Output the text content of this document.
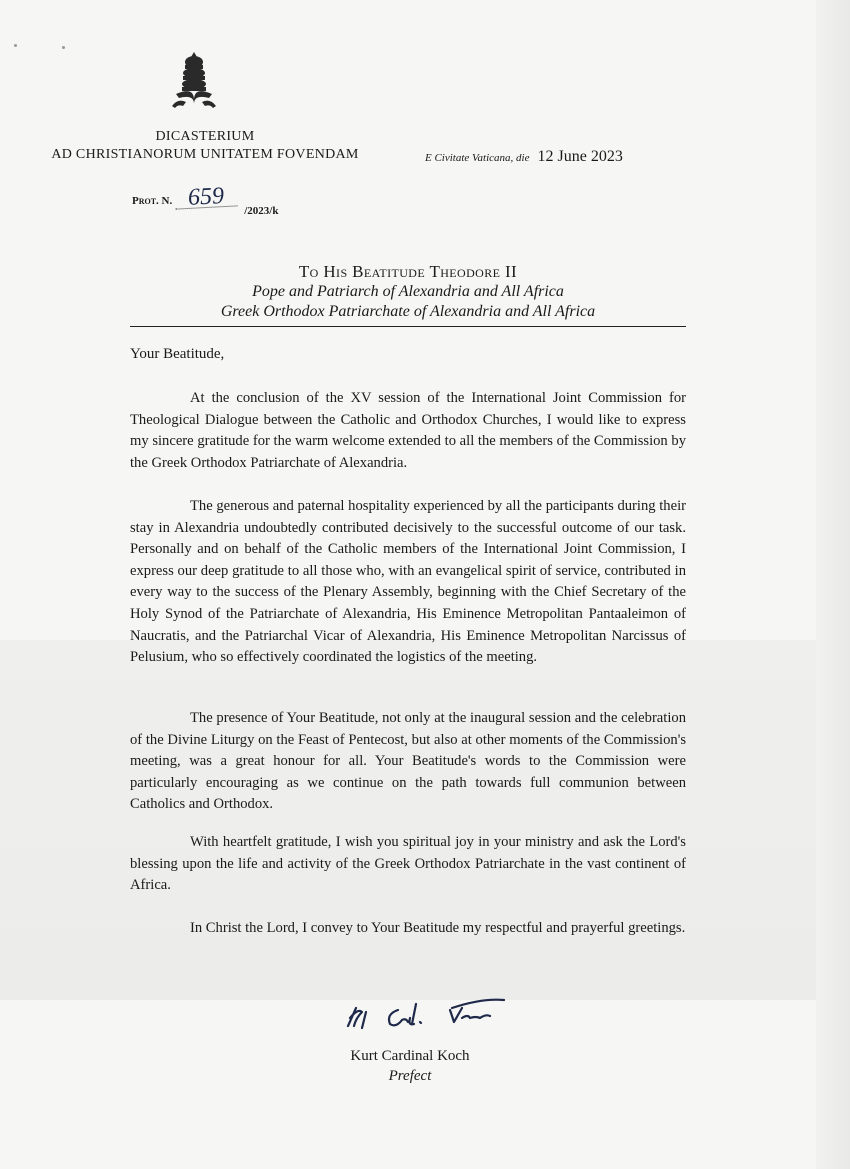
DICASTERIUM
AD CHRISTIANORUM UNITATEM FOVENDAM	E Civitate Vaticana, die 12 June 2023
Prot. N. 659 /2023/k
To His Beatitude Theodore II
Pope and Patriarch of Alexandria and All Africa
Greek Orthodox Patriarchate of Alexandria and All Africa
Your Beatitude,

At the conclusion of the XV session of the International Joint Commission for Theological Dialogue between the Catholic and Orthodox Churches, I would like to express my sincere gratitude for the warm welcome extended to all the members of the Commission by the Greek Orthodox Patriarchate of Alexandria.

The generous and paternal hospitality experienced by all the participants during their stay in Alexandria undoubtedly contributed decisively to the successful outcome of our task. Personally and on behalf of the Catholic members of the International Joint Commission, I express our deep gratitude to all those who, with an evangelical spirit of service, contributed in every way to the success of the Plenary Assembly, beginning with the Chief Secretary of the Holy Synod of the Patriarchate of Alexandria, His Eminence Metropolitan Pantaaleimon of Naucratis, and the Patriarchal Vicar of Alexandria, His Eminence Metropolitan Narcissus of Pelusium, who so effectively coordinated the logistics of the meeting.

The presence of Your Beatitude, not only at the inaugural session and the celebration of the Divine Liturgy on the Feast of Pentecost, but also at other moments of the Commission's meeting, was a great honour for all. Your Beatitude's words to the Commission were particularly encouraging as we continue on the path towards full communion between Catholics and Orthodox.

With heartfelt gratitude, I wish you spiritual joy in your ministry and ask the Lord's blessing upon the life and activity of the Greek Orthodox Patriarchate in the vast continent of Africa.

In Christ the Lord, I convey to Your Beatitude my respectful and prayerful greetings.

Kurt Cardinal Koch
Prefect
